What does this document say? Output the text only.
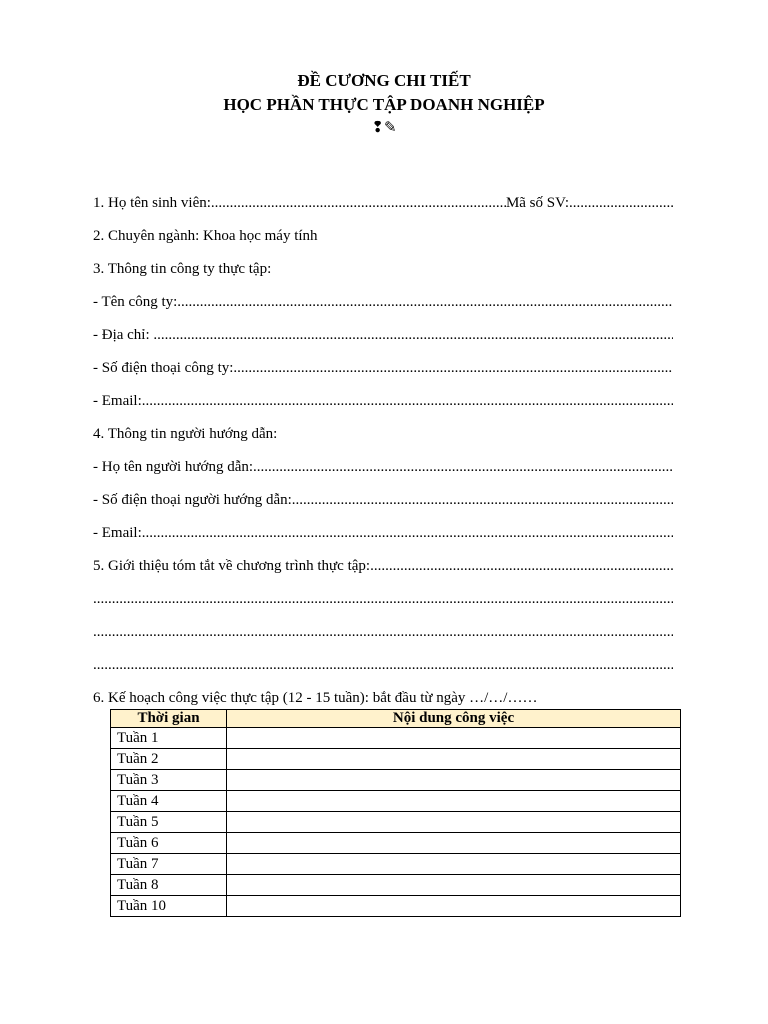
ĐỀ CƯƠNG CHI TIẾT
HỌC PHẦN THỰC TẬP DOANH NGHIỆP
❢✎
1. Họ tên sinh viên: .....	Mã số SV:
.....
2. Chuyên ngành: Khoa học máy tính
3. Thông tin công ty thực tập:
- Tên công ty:
.....
- Địa chỉ:
.....
- Số điện thoại công ty:
.....
- Email:
.....
4. Thông tin người hướng dẫn:
- Họ tên người hướng dẫn:
.....
- Số điện thoại người hướng dẫn:
.....
- Email:
.....
5. Giới thiệu tóm tắt về chương trình thực tập:
.....
.....
.....
.....
6. Kế hoạch công việc thực tập (12 - 15 tuần): bắt đầu từ ngày …/…/……
Thời gian	Nội dung công việc
Tuần 1	
Tuần 2	
Tuần 3	
Tuần 4	
Tuần 5	
Tuần 6	
Tuần 7	
Tuần 8	
Tuần 10	
